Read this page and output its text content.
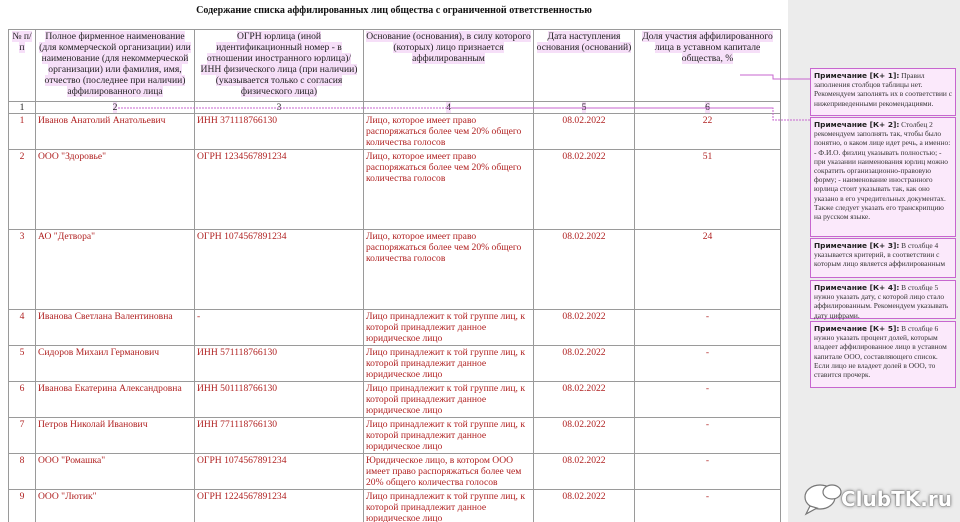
Содержание списка аффилированных лиц общества с ограниченной ответственностью
№ п/п	Полное фирменное наименование (для коммерческой организации) или наименование (для некоммерческой организации) или фамилия, имя, отчество (последнее при наличии) аффилированного лица	ОГРН юрлица (иной идентификационный номер - в отношении иностранного юрлица)/ ИНН физического лица (при наличии) (указывается только с согласия физического лица)	Основание (основания), в силу которого (которых) лицо признается аффилированным	Дата наступления основания (оснований)	Доля участия аффилированного лица в уставном капитале общества, %
1	2	3	4	5	6
1	Иванов Анатолий Анатольевич	ИНН 371118766130	Лицо, которое имеет право распоряжаться более чем 20% общего количества голосов	08.02.2022	22
2	ООО "Здоровье"	ОГРН 1234567891234	Лицо, которое имеет право распоряжаться более чем 20% общего количества голосов	08.02.2022	51
3	АО "Детвора"	ОГРН 1074567891234	Лицо, которое имеет право распоряжаться более чем 20% общего количества голосов	08.02.2022	24
4	Иванова Светлана Валентиновна	-	Лицо принадлежит к той группе лиц, к которой принадлежит данное юридическое лицо	08.02.2022	-
5	Сидоров Михаил Германович	ИНН 571118766130	Лицо принадлежит к той группе лиц, к которой принадлежит данное юридическое лицо	08.02.2022	-
6	Иванова Екатерина Александровна	ИНН 501118766130	Лицо принадлежит к той группе лиц, к которой принадлежит данное юридическое лицо	08.02.2022	-
7	Петров Николай Иванович	ИНН 771118766130	Лицо принадлежит к той группе лиц, к которой принадлежит данное юридическое лицо	08.02.2022	-
8	ООО "Ромашка"	ОГРН 1074567891234	Юридическое лицо, в котором ООО имеет право распоряжаться более чем 20% общего количества голосов	08.02.2022	-
9	ООО "Лютик"	ОГРН 1224567891234	Лицо принадлежит к той группе лиц, к которой принадлежит данное юридическое лицо	08.02.2022	-
Примечание [К+ 1]: Правил заполнения столбцов таблицы нет. Рекомендуем заполнять их в соответствии с нижеприведенными рекомендациями.
Примечание [К+ 2]: Столбец 2 рекомендуем заполнять так, чтобы было понятно, о каком лице идет речь, а именно: - Ф.И.О. физлиц указывать полностью; - при указании наименования юрлиц можно сократить организационно-правовую форму; - наименование иностранного юрлица стоит указывать так, как оно указано в его учредительных документах. Также следует указать его транскрипцию на русском языке.
Примечание [К+ 3]: В столбце 4 указывается критерий, в соответствии с которым лицо является аффилированным
Примечание [К+ 4]: В столбце 5 нужно указать дату, с которой лицо стало аффилированным. Рекомендуем указывать дату цифрами.
Примечание [К+ 5]: В столбце 6 нужно указать процент долей, которым владеет аффилированное лицо в уставном капитале ООО, составляющего список. Если лицо не владеет долей в ООО, то ставится прочерк.
ClubTK.ru
